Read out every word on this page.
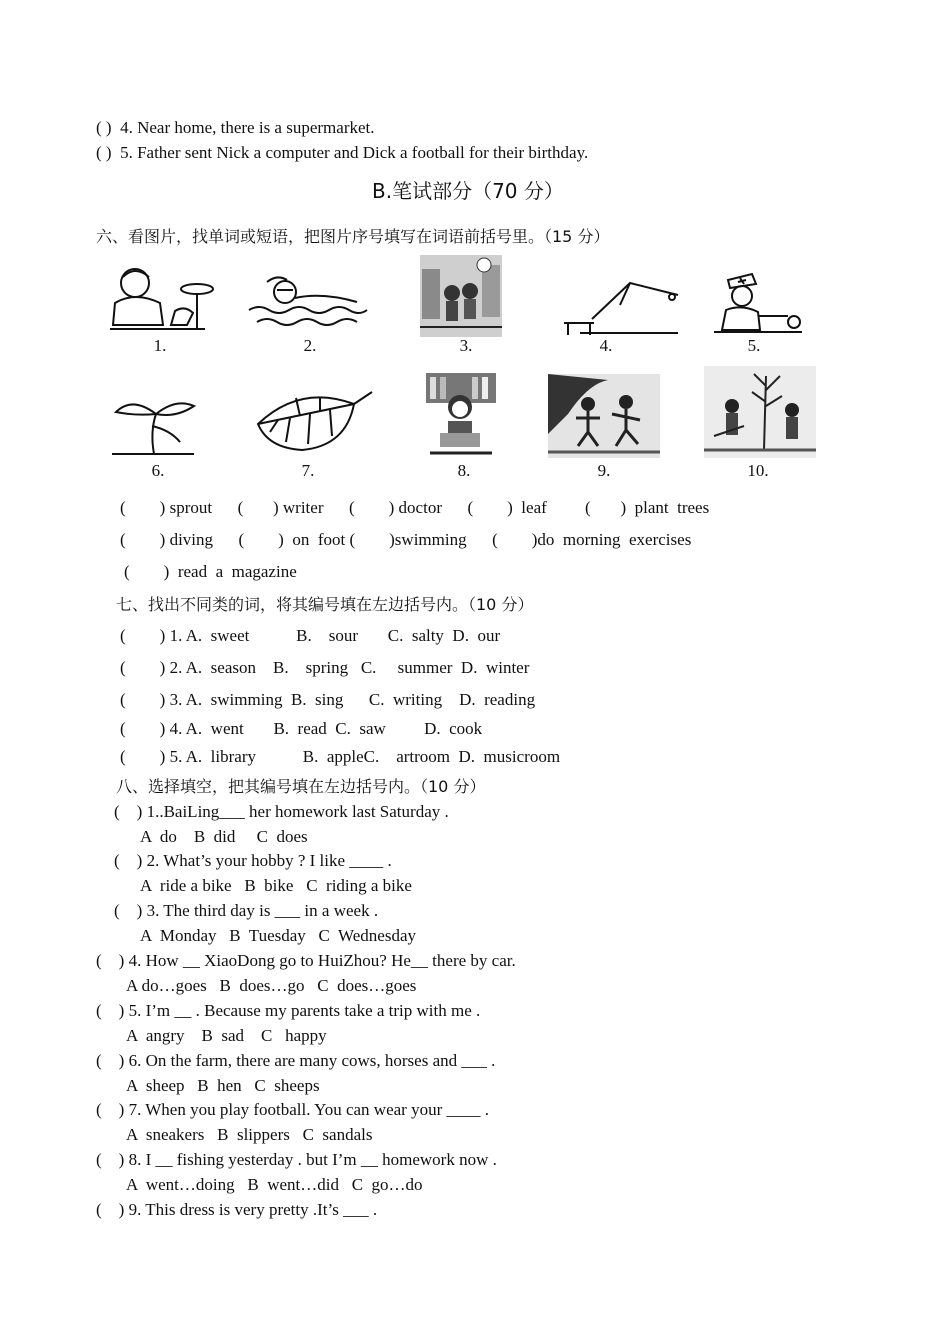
( )  4. Near home, there is a supermarket.
( )  5. Father sent Nick a computer and Dick a football for their birthday.
B.笔试部分（70 分）
六、看图片，找单词或短语，把图片序号填写在词语前括号里。（15 分）
1.	2.	3.	4.	5.
6.	7.	8.	9.	10.
(        ) sprout      (       ) writer      (        ) doctor      (        )  leaf         (       )  plant  trees
(        ) diving      (        )  on  foot (        )swimming      (        )do  morning  exercises
(        )  read  a  magazine
七、找出不同类的词，将其编号填在左边括号内。（10 分）
(        ) 1. A.  sweet           B.    sour       C.  salty  D.  our
(        ) 2. A.  season    B.    spring   C.     summer  D.  winter
(        ) 3. A.  swimming  B.  sing      C.  writing    D.  reading
(        ) 4. A.  went       B.  read  C.  saw         D.  cook
(        ) 5. A.  library           B.  appleC.    artroom  D.  musicroom
八、选择填空，把其编号填在左边括号内。（10 分）
(    ) 1..BaiLing___ her homework last Saturday .
A  do    B  did     C  does
(    ) 2. What’s your hobby ? I like ____ .
A  ride a bike   B  bike   C  riding a bike
(    ) 3. The third day is ___ in a week .
A  Monday   B  Tuesday   C  Wednesday
(    ) 4. How __ XiaoDong go to HuiZhou? He__ there by car.
A do…goes   B  does…go   C  does…goes
(    ) 5. I’m __ . Because my parents take a trip with me .
A  angry    B  sad    C   happy
(    ) 6. On the farm, there are many cows, horses and ___ .
A  sheep   B  hen   C  sheeps
(    ) 7. When you play football. You can wear your ____ .
A  sneakers   B  slippers   C  sandals
(    ) 8. I __ fishing yesterday . but I’m __ homework now .
A  went…doing   B  went…did   C  go…do
(    ) 9. This dress is very pretty .It’s ___ .
